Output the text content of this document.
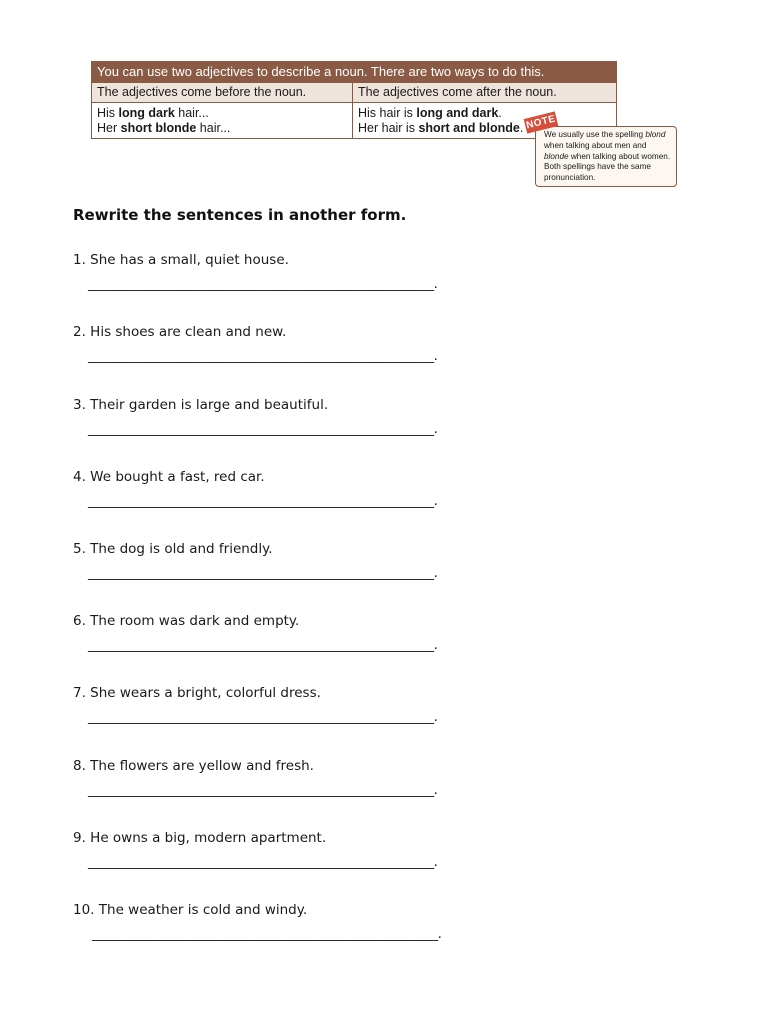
You can use two adjectives to describe a noun. There are two ways to do this.
The adjectives come before the noun.	The adjectives come after the noun.
His long dark hair...
Her short blonde hair...
His hair is long and dark.
Her hair is short and blonde.	We usually use the spelling blond when talking about men and blonde when talking about women. Both spellings have the same pronunciation.
NOTE
Rewrite the sentences in another form.
1. She has a small, quiet house.
______________________________________________________.
2. His shoes are clean and new.
______________________________________________________.
3. Their garden is large and beautiful.
______________________________________________________.
4. We bought a fast, red car.
______________________________________________________.
5. The dog is old and friendly.
______________________________________________________.
6. The room was dark and empty.
______________________________________________________.
7. She wears a bright, colorful dress.
______________________________________________________.
8. The flowers are yellow and fresh.
______________________________________________________.
9. He owns a big, modern apartment.
______________________________________________________.
10. The weather is cold and windy.
______________________________________________________.
